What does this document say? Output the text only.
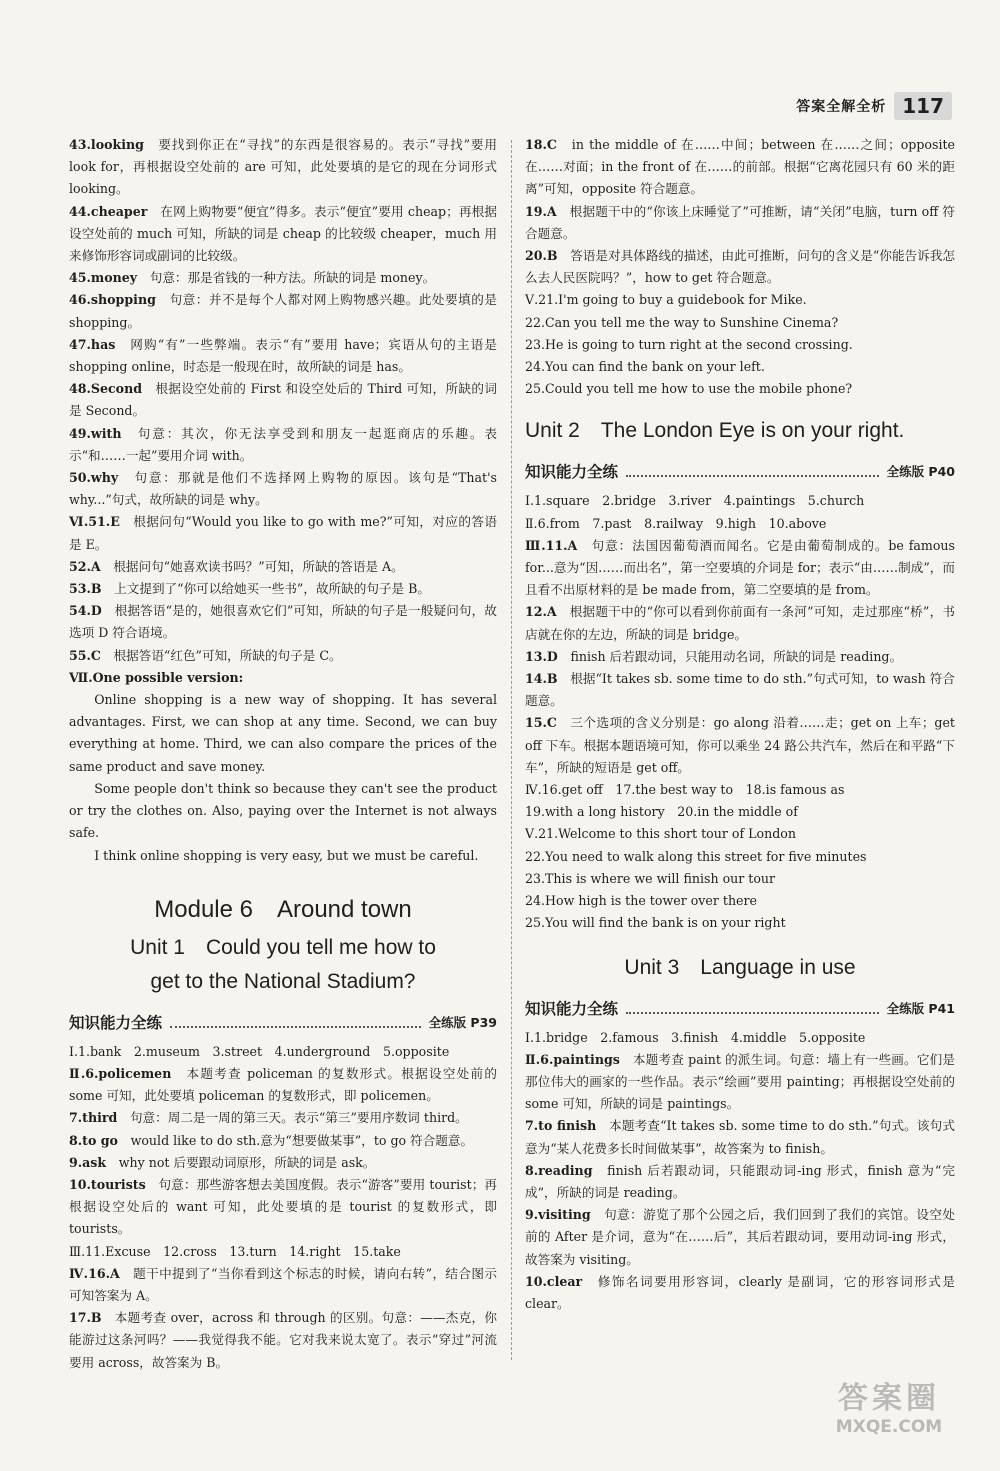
答案全解全析 117
43.looking　要找到你正在“寻找”的东西是很容易的。表示“寻找”要用 look for，再根据设空处前的 are 可知，此处要填的是它的现在分词形式 looking。
44.cheaper　在网上购物要“便宜”得多。表示“便宜”要用 cheap；再根据设空处前的 much 可知，所缺的词是 cheap 的比较级 cheaper，much 用来修饰形容词或副词的比较级。
45.money　句意：那是省钱的一种方法。所缺的词是 money。
46.shopping　句意：并不是每个人都对网上购物感兴趣。此处要填的是 shopping。
47.has　网购“有”一些弊端。表示“有”要用 have；宾语从句的主语是 shopping online，时态是一般现在时，故所缺的词是 has。
48.Second　根据设空处前的 First 和设空处后的 Third 可知，所缺的词是 Second。
49.with　句意：其次，你无法享受到和朋友一起逛商店的乐趣。表示“和……一起”要用介词 with。
50.why　句意：那就是他们不选择网上购物的原因。该句是“That's why...”句式，故所缺的词是 why。
Ⅵ.51.E　根据问句“Would you like to go with me?”可知，对应的答语是 E。
52.A　根据问句“她喜欢读书吗？”可知，所缺的答语是 A。
53.B　上文提到了“你可以给她买一些书”，故所缺的句子是 B。
54.D　根据答语“是的，她很喜欢它们”可知，所缺的句子是一般疑问句，故选项 D 符合语境。
55.C　根据答语“红色”可知，所缺的句子是 C。
Ⅶ.One possible version:

Online shopping is a new way of shopping. It has several advantages. First, we can shop at any time. Second, we can buy everything at home. Third, we can also compare the prices of the same product and save money.

Some people don't think so because they can't see the product or try the clothes on. Also, paying over the Internet is not always safe.

I think online shopping is very easy, but we must be careful.

Module 6　Around town
Unit 1　Could you tell me how to
get to the National Stadium?
知识能力全练	全练版 P39
Ⅰ.1.bank　2.museum　3.street　4.underground　5.opposite
Ⅱ.6.policemen　本题考查 policeman 的复数形式。根据设空处前的 some 可知，此处要填 policeman 的复数形式，即 policemen。
7.third　句意：周二是一周的第三天。表示“第三”要用序数词 third。
8.to go　would like to do sth.意为“想要做某事”，to go 符合题意。
9.ask　why not 后要跟动词原形，所缺的词是 ask。
10.tourists　句意：那些游客想去美国度假。表示“游客”要用 tourist；再根据设空处后的 want 可知，此处要填的是 tourist 的复数形式，即 tourists。
Ⅲ.11.Excuse　12.cross　13.turn　14.right　15.take
Ⅳ.16.A　题干中提到了“当你看到这个标志的时候，请向右转”，结合图示可知答案为 A。
17.B　本题考查 over，across 和 through 的区别。句意：——杰克，你能游过这条河吗？——我觉得我不能。它对我来说太宽了。表示“穿过”河流要用 across，故答案为 B。
18.C　in the middle of 在……中间；between 在……之间；opposite 在……对面；in the front of 在……的前部。根据“它离花园只有 60 米的距离”可知，opposite 符合题意。
19.A　根据题干中的“你该上床睡觉了”可推断，请“关闭”电脑，turn off 符合题意。
20.B　答语是对具体路线的描述，由此可推断，问句的含义是“你能告诉我怎么去人民医院吗？”，how to get 符合题意。
Ⅴ.21.I'm going to buy a guidebook for Mike.
22.Can you tell me the way to Sunshine Cinema?
23.He is going to turn right at the second crossing.
24.You can find the bank on your left.
25.Could you tell me how to use the mobile phone?
Unit 2　The London Eye is on your right.
知识能力全练	全练版 P40
Ⅰ.1.square　2.bridge　3.river　4.paintings　5.church
Ⅱ.6.from　7.past　8.railway　9.high　10.above
Ⅲ.11.A　句意：法国因葡萄酒而闻名。它是由葡萄制成的。be famous for...意为“因……而出名”，第一空要填的介词是 for；表示“由……制成”，而且看不出原材料的是 be made from，第二空要填的是 from。
12.A　根据题干中的“你可以看到你前面有一条河”可知，走过那座“桥”，书店就在你的左边，所缺的词是 bridge。
13.D　finish 后若跟动词，只能用动名词，所缺的词是 reading。
14.B　根据“It takes sb. some time to do sth.”句式可知，to wash 符合题意。
15.C　三个选项的含义分别是：go along 沿着……走；get on 上车；get off 下车。根据本题语境可知，你可以乘坐 24 路公共汽车，然后在和平路“下车”，所缺的短语是 get off。
Ⅳ.16.get off　17.the best way to　18.is famous as
19.with a long history　20.in the middle of
Ⅴ.21.Welcome to this short tour of London
22.You need to walk along this street for five minutes
23.This is where we will finish our tour
24.How high is the tower over there
25.You will find the bank is on your right
Unit 3　Language in use
知识能力全练	全练版 P41
Ⅰ.1.bridge　2.famous　3.finish　4.middle　5.opposite
Ⅱ.6.paintings　本题考查 paint 的派生词。句意：墙上有一些画。它们是那位伟大的画家的一些作品。表示“绘画”要用 painting；再根据设空处前的 some 可知，所缺的词是 paintings。
7.to finish　本题考查“It takes sb. some time to do sth.”句式。该句式意为“某人花费多长时间做某事”，故答案为 to finish。
8.reading　finish 后若跟动词，只能跟动词-ing 形式，finish 意为“完成”，所缺的词是 reading。
9.visiting　句意：游览了那个公园之后，我们回到了我们的宾馆。设空处前的 After 是介词，意为“在……后”，其后若跟动词，要用动词-ing 形式，故答案为 visiting。
10.clear　修饰名词要用形容词，clearly 是副词，它的形容词形式是 clear。
答案圈
MXQE.COM
